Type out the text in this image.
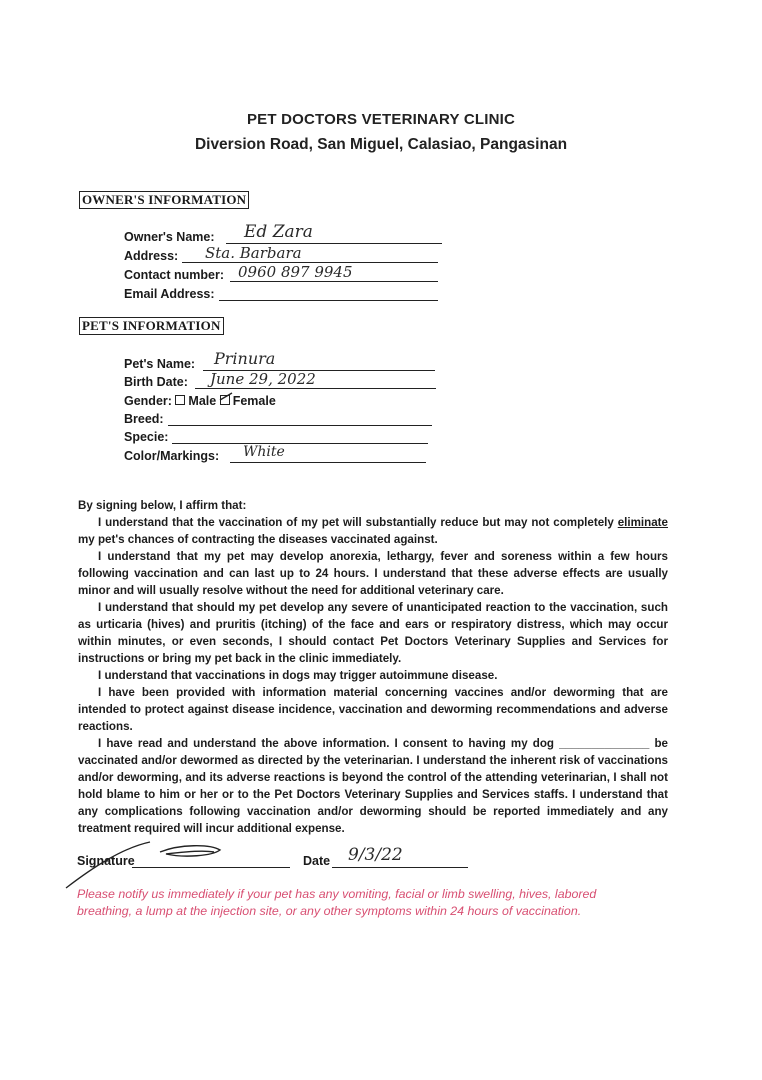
PET DOCTORS VETERINARY CLINIC
Diversion Road, San Miguel, Calasiao, Pangasinan
OWNER'S INFORMATION
Owner's Name: Ed Zara
Address: Sta. Barbara
Contact number: 0960 897 9945
Email Address:
PET'S INFORMATION
Pet's Name: Prinura
Birth Date: June 29, 2022
Gender: Male Female
Breed:
Specie:
Color/Markings: White

By signing below, I affirm that:

I understand that the vaccination of my pet will substantially reduce but may not completely eliminate my pet's chances of contracting the diseases vaccinated against.

I understand that my pet may develop anorexia, lethargy, fever and soreness within a few hours following vaccination and can last up to 24 hours. I understand that these adverse effects are usually minor and will usually resolve without the need for additional veterinary care.

I understand that should my pet develop any severe of unanticipated reaction to the vaccination, such as urticaria (hives) and pruritis (itching) of the face and ears or respiratory distress, which may occur within minutes, or even seconds, I should contact Pet Doctors Veterinary Supplies and Services for instructions or bring my pet back in the clinic immediately.

I understand that vaccinations in dogs may trigger autoimmune disease.

I have been provided with information material concerning vaccines and/or deworming that are intended to protect against disease incidence, vaccination and deworming recommendations and adverse reactions.

I have read and understand the above information. I consent to having my dog ______________ be vaccinated and/or dewormed as directed by the veterinarian. I understand the inherent risk of vaccinations and/or deworming, and its adverse reactions is beyond the control of the attending veterinarian, I shall not hold blame to him or her or to the Pet Doctors Veterinary Supplies and Services staffs. I understand that any complications following vaccination and/or deworming should be reported immediately and any treatment required will incur additional expense.

Signature	Date 9/3/22
Please notify us immediately if your pet has any vomiting, facial or limb swelling, hives, labored breathing, a lump at the injection site, or any other symptoms within 24 hours of vaccination.
